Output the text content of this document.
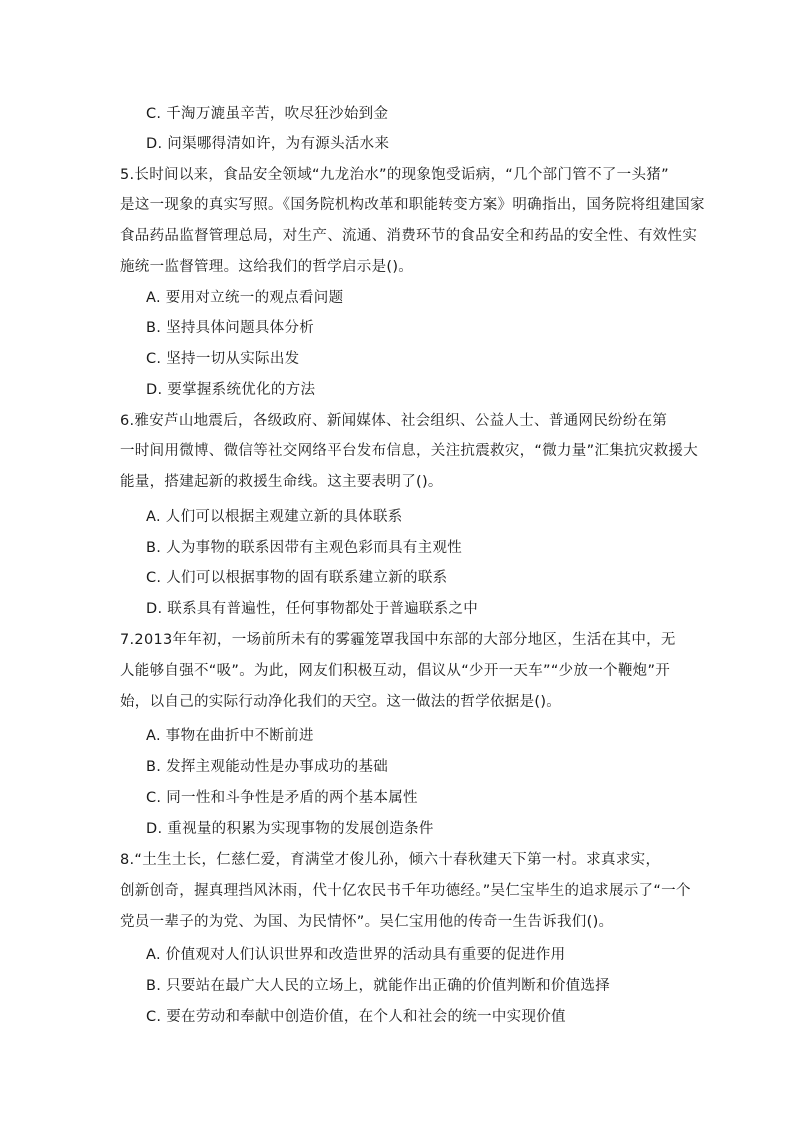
C. 千淘万漉虽辛苦，吹尽狂沙始到金
D. 问渠哪得清如许，为有源头活水来
5.长时间以来，食品安全领域“九龙治水”的现象饱受诟病，“几个部门管不了一头猪”
是这一现象的真实写照。《国务院机构改革和职能转变方案》明确指出，国务院将组建国家
食品药品监督管理总局，对生产、流通、消费环节的食品安全和药品的安全性、有效性实
施统一监督管理。这给我们的哲学启示是()。
A. 要用对立统一的观点看问题
B. 坚持具体问题具体分析
C. 坚持一切从实际出发
D. 要掌握系统优化的方法
6.雅安芦山地震后，各级政府、新闻媒体、社会组织、公益人士、普通网民纷纷在第
一时间用微博、微信等社交网络平台发布信息，关注抗震救灾，“微力量”汇集抗灾救援大
能量，搭建起新的救援生命线。这主要表明了()。
A. 人们可以根据主观建立新的具体联系
B. 人为事物的联系因带有主观色彩而具有主观性
C. 人们可以根据事物的固有联系建立新的联系
D. 联系具有普遍性，任何事物都处于普遍联系之中
7.2013年年初，一场前所未有的雾霾笼罩我国中东部的大部分地区，生活在其中，无
人能够自强不“吸”。为此，网友们积极互动，倡议从“少开一天车”“少放一个鞭炮”开
始，以自己的实际行动净化我们的天空。这一做法的哲学依据是()。
A. 事物在曲折中不断前进
B. 发挥主观能动性是办事成功的基础
C. 同一性和斗争性是矛盾的两个基本属性
D. 重视量的积累为实现事物的发展创造条件
8.“土生土长，仁慈仁爱，育满堂才俊儿孙，倾六十春秋建天下第一村。求真求实，
创新创奇，握真理挡风沐雨，代十亿农民书千年功德经。”吴仁宝毕生的追求展示了“一个
党员一辈子的为党、为国、为民情怀”。吴仁宝用他的传奇一生告诉我们()。
A. 价值观对人们认识世界和改造世界的活动具有重要的促进作用
B. 只要站在最广大人民的立场上，就能作出正确的价值判断和价值选择
C. 要在劳动和奉献中创造价值，在个人和社会的统一中实现价值
